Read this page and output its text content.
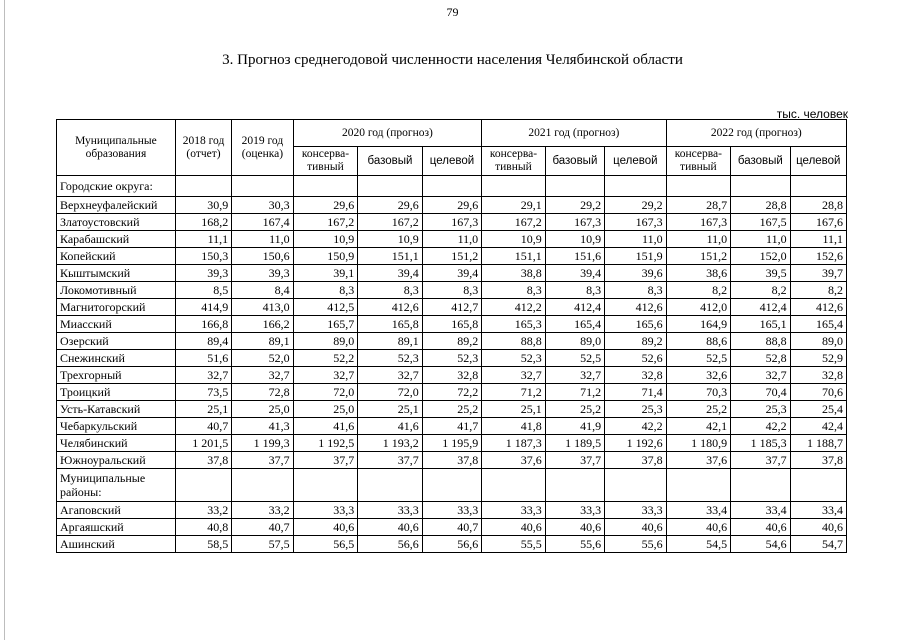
79
3. Прогноз среднегодовой численности населения Челябинской области
тыс. человек
Муниципальные образования	2018 год (отчет)	2019 год (оценка)	2020 год (прогноз)			2021 год (прогноз)			2022 год (прогноз)		
			консерва-тивный	базовый	целевой	консерва-тивный	базовый	целевой	консерва-тивный	базовый	целевой
Городские округа:											
Верхнеуфалейский	30,9	30,3	29,6	29,6	29,6	29,1	29,2	29,2	28,7	28,8	28,8
Златоустовский	168,2	167,4	167,2	167,2	167,3	167,2	167,3	167,3	167,3	167,5	167,6
Карабашский	11,1	11,0	10,9	10,9	11,0	10,9	10,9	11,0	11,0	11,0	11,1
Копейский	150,3	150,6	150,9	151,1	151,2	151,1	151,6	151,9	151,2	152,0	152,6
Кыштымский	39,3	39,3	39,1	39,4	39,4	38,8	39,4	39,6	38,6	39,5	39,7
Локомотивный	8,5	8,4	8,3	8,3	8,3	8,3	8,3	8,3	8,2	8,2	8,2
Магнитогорский	414,9	413,0	412,5	412,6	412,7	412,2	412,4	412,6	412,0	412,4	412,6
Миасский	166,8	166,2	165,7	165,8	165,8	165,3	165,4	165,6	164,9	165,1	165,4
Озерский	89,4	89,1	89,0	89,1	89,2	88,8	89,0	89,2	88,6	88,8	89,0
Снежинский	51,6	52,0	52,2	52,3	52,3	52,3	52,5	52,6	52,5	52,8	52,9
Трехгорный	32,7	32,7	32,7	32,7	32,8	32,7	32,7	32,8	32,6	32,7	32,8
Троицкий	73,5	72,8	72,0	72,0	72,2	71,2	71,2	71,4	70,3	70,4	70,6
Усть-Катавский	25,1	25,0	25,0	25,1	25,2	25,1	25,2	25,3	25,2	25,3	25,4
Чебаркульский	40,7	41,3	41,6	41,6	41,7	41,8	41,9	42,2	42,1	42,2	42,4
Челябинский	1 201,5	1 199,3	1 192,5	1 193,2	1 195,9	1 187,3	1 189,5	1 192,6	1 180,9	1 185,3	1 188,7
Южноуральский	37,8	37,7	37,7	37,7	37,8	37,6	37,7	37,8	37,6	37,7	37,8
Муниципальные районы:											
Агаповский	33,2	33,2	33,3	33,3	33,3	33,3	33,3	33,3	33,4	33,4	33,4
Аргаяшский	40,8	40,7	40,6	40,6	40,7	40,6	40,6	40,6	40,6	40,6	40,6
Ашинский	58,5	57,5	56,5	56,6	56,6	55,5	55,6	55,6	54,5	54,6	54,7
